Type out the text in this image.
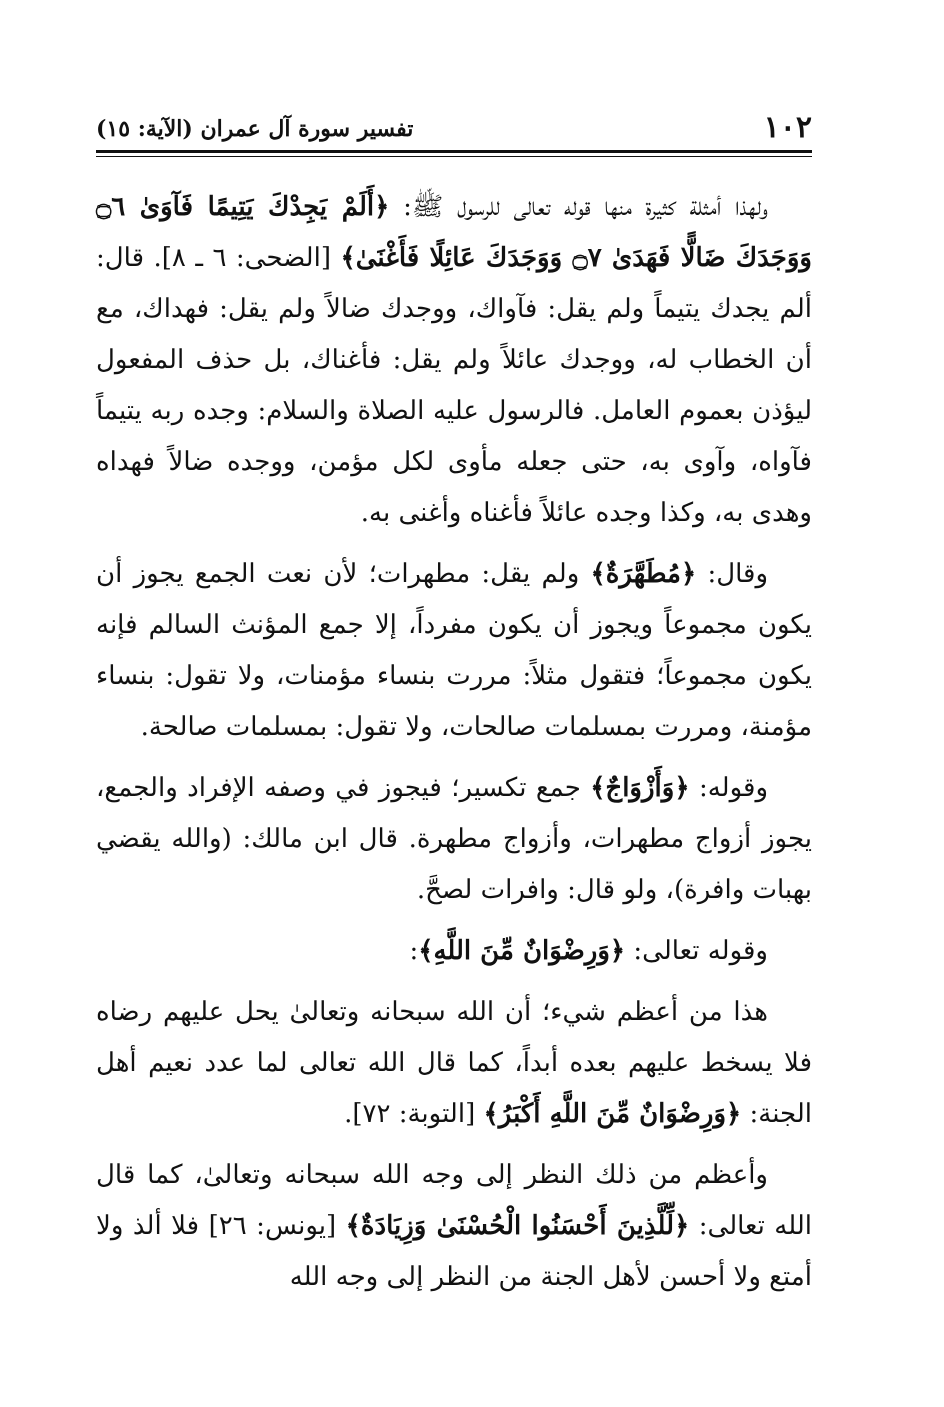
١٠٢
تفسير سورة آل عمران (الآية: ١٥)

ولهذا أمثلة كثيرة منها قوله تعالى للرسول ﷺ: ﴿أَلَمْ يَجِدْكَ يَتِيمًا فَآوَىٰ ۝٦ وَوَجَدَكَ ضَالًّا فَهَدَىٰ ۝٧ وَوَجَدَكَ عَائِلًا فَأَغْنَىٰ﴾ [الضحى: ٦ ـ ٨]. قال: ألم يجدك يتيماً ولم يقل: فآواك، ووجدك ضالاً ولم يقل: فهداك، مع أن الخطاب له، ووجدك عائلاً ولم يقل: فأغناك، بل حذف المفعول ليؤذن بعموم العامل. فالرسول عليه الصلاة والسلام: وجده ربه يتيماً فآواه، وآوى به، حتى جعله مأوى لكل مؤمن، ووجده ضالاً فهداه وهدى به، وكذا وجده عائلاً فأغناه وأغنى به.

وقال: ﴿مُطَهَّرَةٌ﴾ ولم يقل: مطهرات؛ لأن نعت الجمع يجوز أن يكون مجموعاً ويجوز أن يكون مفرداً، إلا جمع المؤنث السالم فإنه يكون مجموعاً؛ فتقول مثلاً: مررت بنساء مؤمنات، ولا تقول: بنساء مؤمنة، ومررت بمسلمات صالحات، ولا تقول: بمسلمات صالحة.

وقوله: ﴿وَأَزْوَاجٌ﴾ جمع تكسير؛ فيجوز في وصفه الإفراد والجمع، يجوز أزواج مطهرات، وأزواج مطهرة. قال ابن مالك: (والله يقضي بهبات وافرة)، ولو قال: وافرات لصحَّ.

وقوله تعالى: ﴿وَرِضْوَانٌ مِّنَ اللَّهِ﴾:

هذا من أعظم شيء؛ أن الله سبحانه وتعالىٰ يحل عليهم رضاه فلا يسخط عليهم بعده أبداً، كما قال الله تعالى لما عدد نعيم أهل الجنة: ﴿وَرِضْوَانٌ مِّنَ اللَّهِ أَكْبَرُ﴾ [التوبة: ٧٢].

وأعظم من ذلك النظر إلى وجه الله سبحانه وتعالىٰ، كما قال الله تعالى: ﴿لِّلَّذِينَ أَحْسَنُوا الْحُسْنَىٰ وَزِيَادَةٌ﴾ [يونس: ٢٦] فلا ألذ ولا أمتع ولا أحسن لأهل الجنة من النظر إلى وجه الله
